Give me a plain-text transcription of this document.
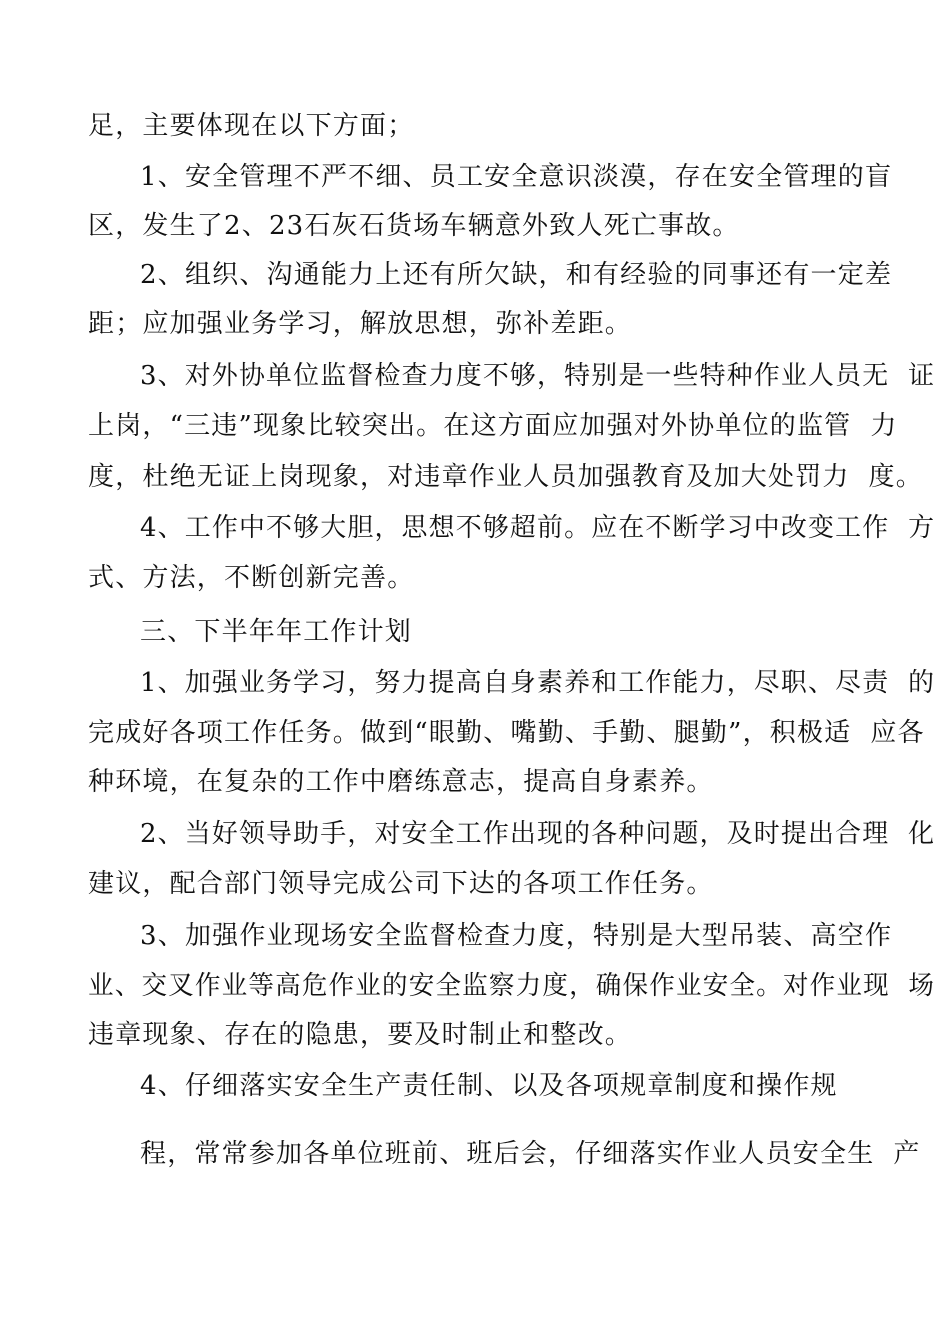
足，主要体现在以下方面；
1、安全管理不严不细、员工安全意识淡漠，存在安全管理的盲
区，发生了2、23石灰石货场车辆意外致人死亡事故。
2、组织、沟通能力上还有所欠缺，和有经验的同事还有一定差
距；应加强业务学习，解放思想，弥补差距。
3、对外协单位监督检查力度不够，特别是一些特种作业人员无  证
上岗，“三违”现象比较突出。在这方面应加强对外协单位的监管  力
度，杜绝无证上岗现象，对违章作业人员加强教育及加大处罚力  度。
4、工作中不够大胆，思想不够超前。应在不断学习中改变工作  方
式、方法，不断创新完善。
三、下半年年工作计划
1、加强业务学习，努力提高自身素养和工作能力，尽职、尽责  的
完成好各项工作任务。做到“眼勤、嘴勤、手勤、腿勤”，积极适  应各
种环境，在复杂的工作中磨练意志，提高自身素养。
2、当好领导助手，对安全工作出现的各种问题，及时提出合理  化
建议，配合部门领导完成公司下达的各项工作任务。
3、加强作业现场安全监督检查力度，特别是大型吊装、高空作
业、交叉作业等高危作业的安全监察力度，确保作业安全。对作业现  场
违章现象、存在的隐患，要及时制止和整改。
4、仔细落实安全生产责任制、以及各项规章制度和操作规
程，常常参加各单位班前、班后会，仔细落实作业人员安全生  产
